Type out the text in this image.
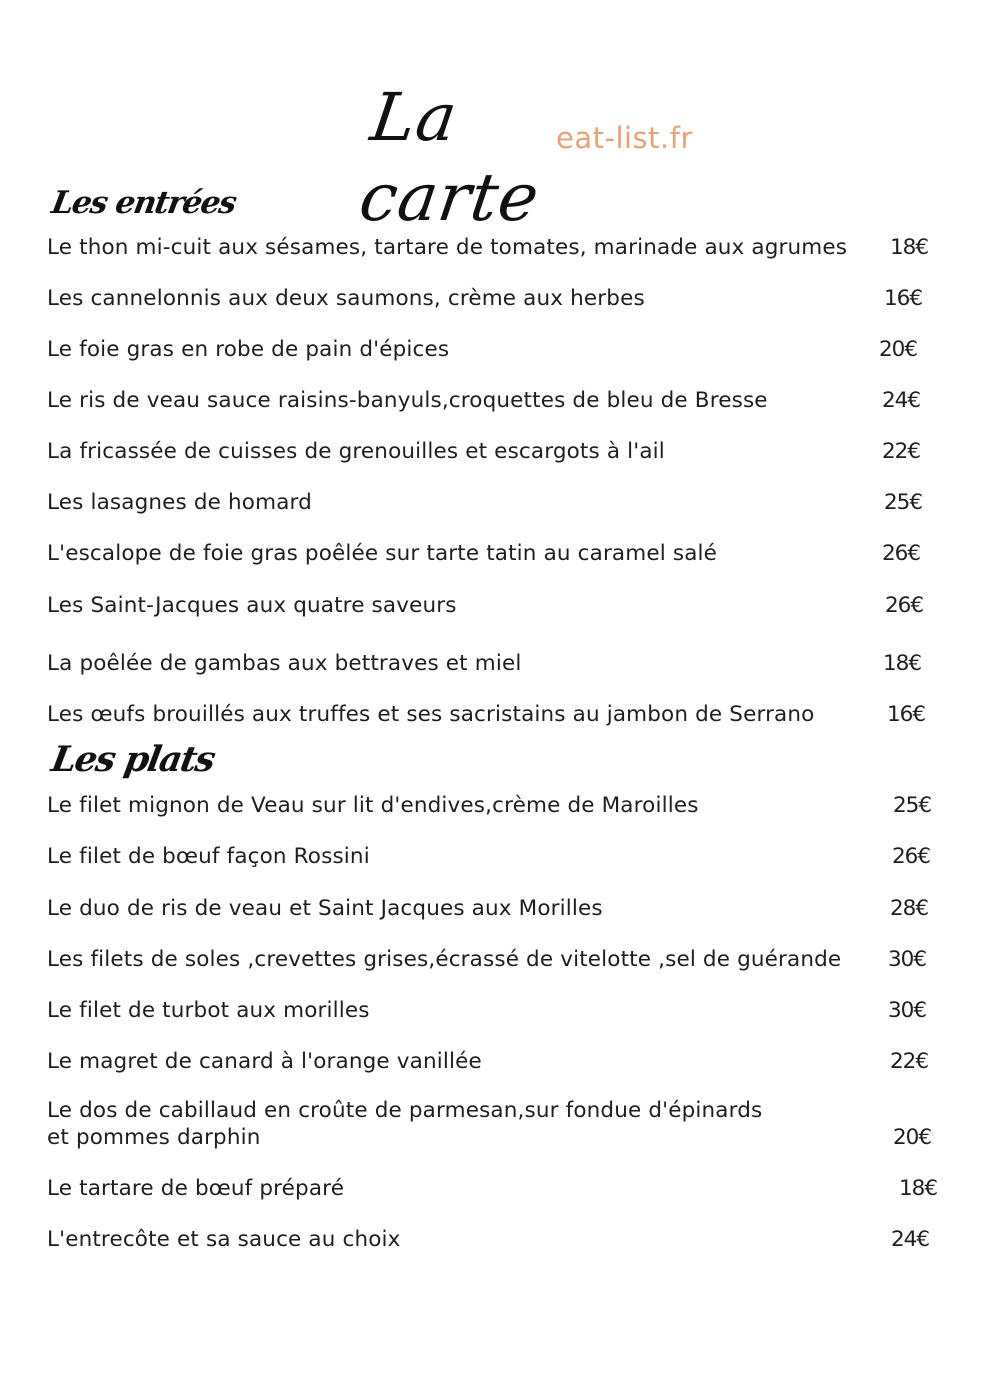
La carte
eat-list.fr
Les entrées
Le thon mi-cuit aux sésames, tartare de tomates, marinade aux agrumes 18€
Les cannelonnis aux deux saumons, crème aux herbes	16€
Le foie gras en robe de pain d'épices	20€
Le ris de veau sauce raisins-banyuls,croquettes de bleu de Bresse	24€
La fricassée de cuisses de grenouilles et escargots à l'ail	22€
Les lasagnes de homard	25€
L'escalope de foie gras poêlée sur tarte tatin au caramel salé	26€
Les Saint-Jacques aux quatre saveurs	26€
La poêlée de gambas aux bettraves et miel	18€
Les œufs brouillés aux truffes et ses sacristains au jambon de Serrano	16€
Les plats
Le filet mignon de Veau sur lit d'endives,crème de Maroilles	25€
Le filet de bœuf façon Rossini	26€
Le duo de ris de veau et Saint Jacques aux Morilles	28€
Les filets de soles ,crevettes grises,écrassé de vitelotte ,sel de guérande 30€
Le filet de turbot aux morilles	30€
Le magret de canard à l'orange vanillée	22€
Le dos de cabillaud en croûte de parmesan,sur fondue d'épinards
et pommes darphin	20€
Le tartare de bœuf préparé	18€
L'entrecôte et sa sauce au choix	24€
